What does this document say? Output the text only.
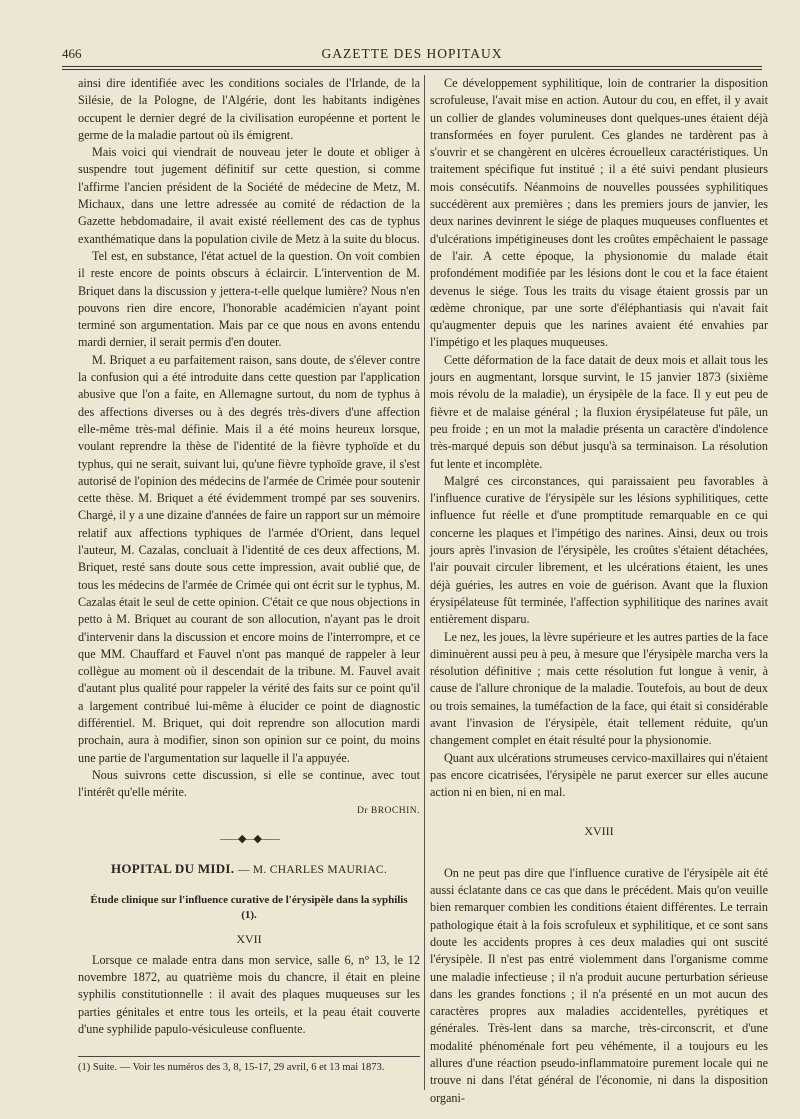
466	GAZETTE DES HOPITAUX

ainsi dire identifiée avec les conditions sociales de l'Irlande, de la Silésie, de la Pologne, de l'Algérie, dont les habitants indigènes occupent le dernier degré de la civilisation européenne et portent le germe de la maladie partout où ils émigrent.

Mais voici qui viendrait de nouveau jeter le doute et obliger à suspendre tout jugement définitif sur cette question, si comme l'affirme l'ancien président de la Société de médecine de Metz, M. Michaux, dans une lettre adressée au comité de rédaction de la Gazette hebdomadaire, il avait existé réellement des cas de typhus exanthématique dans la population civile de Metz à la suite du blocus.

Tel est, en substance, l'état actuel de la question. On voit combien il reste encore de points obscurs à éclaircir. L'intervention de M. Briquet dans la discussion y jettera-t-elle quelque lumière? Nous n'en pouvons rien dire encore, l'honorable académicien n'ayant point terminé son argumentation. Mais par ce que nous en avons entendu mardi dernier, il serait permis d'en douter.

M. Briquet a eu parfaitement raison, sans doute, de s'élever contre la confusion qui a été introduite dans cette question par l'application abusive que l'on a faite, en Allemagne surtout, du nom de typhus à des affections diverses ou à des degrés très-divers d'une affection elle-même très-mal définie. Mais il a été moins heureux lorsque, voulant reprendre la thèse de l'identité de la fièvre typhoïde et du typhus, qui ne serait, suivant lui, qu'une fièvre typhoïde grave, il s'est autorisé de l'opinion des médecins de l'armée de Crimée pour soutenir cette thèse. M. Briquet a été évidemment trompé par ses souvenirs. Chargé, il y a une dizaine d'années de faire un rapport sur un mémoire relatif aux affections typhiques de l'armée d'Orient, dans lequel l'auteur, M. Cazalas, concluait à l'identité de ces deux affections, M. Briquet, resté sans doute sous cette impression, avait oublié que, de tous les médecins de l'armée de Crimée qui ont écrit sur le typhus, M. Cazalas était le seul de cette opinion. C'était ce que nous objections in petto à M. Briquet au courant de son allocution, n'ayant pas le droit d'intervenir dans la discussion et encore moins de l'interrompre, et ce que MM. Chauffard et Fauvel n'ont pas manqué de rappeler à leur collègue au moment où il descendait de la tribune. M. Fauvel avait d'autant plus qualité pour rappeler la vérité des faits sur ce point qu'il a largement contribué lui-même à élucider ce point de diagnostic différentiel. M. Briquet, qui doit reprendre son allocution mardi prochain, aura à modifier, sinon son opinion sur ce point, du moins une partie de l'argumentation sur laquelle il l'a appuyée.

Nous suivrons cette discussion, si elle se continue, avec tout l'intérêt qu'elle mérite.

Dr BROCHIN.
——◆—◆——
HOPITAL DU MIDI. — M. CHARLES MAURIAC.
Étude clinique sur l'influence curative de l'érysipèle dans la syphilis (1).
XVII

Lorsque ce malade entra dans mon service, salle 6, n° 13, le 12 novembre 1872, au quatrième mois du chancre, il était en pleine syphilis constitutionnelle : il avait des plaques muqueuses sur les parties génitales et entre tous les orteils, et la peau était couverte d'une syphilide papulo-vésiculeuse confluente.

(1) Suite. — Voir les numéros des 3, 8, 15-17, 29 avril, 6 et 13 mai 1873.

Ce développement syphilitique, loin de contrarier la disposition scrofuleuse, l'avait mise en action. Autour du cou, en effet, il y avait un collier de glandes volumineuses dont quelques-unes étaient déjà transformées en foyer purulent. Ces glandes ne tardèrent pas à s'ouvrir et se changèrent en ulcères écrouelleux caractéristiques. Un traitement spécifique fut institué ; il a été suivi pendant plusieurs mois consécutifs. Néanmoins de nouvelles poussées syphilitiques succédèrent aux premières ; dans les premiers jours de janvier, les deux narines devinrent le siége de plaques muqueuses confluentes et d'ulcérations impétigineuses dont les croûtes empêchaient le passage de l'air. A cette époque, la physionomie du malade était profondément modifiée par les lésions dont le cou et la face étaient devenus le siége. Tous les traits du visage étaient grossis par un œdème chronique, par une sorte d'éléphantiasis qui n'avait fait qu'augmenter depuis que les narines avaient été envahies par l'impétigo et les plaques muqueuses.

Cette déformation de la face datait de deux mois et allait tous les jours en augmentant, lorsque survint, le 15 janvier 1873 (sixième mois révolu de la maladie), un érysipèle de la face. Il y eut peu de fièvre et de malaise général ; la fluxion érysipélateuse fut pâle, un peu froide ; en un mot la maladie présenta un caractère d'indolence très-marqué depuis son début jusqu'à sa terminaison. La résolution fut lente et incomplète.

Malgré ces circonstances, qui paraissaient peu favorables à l'influence curative de l'érysipèle sur les lésions syphilitiques, cette influence fut réelle et d'une promptitude remarquable en ce qui concerne les plaques et l'impétigo des narines. Ainsi, deux ou trois jours après l'invasion de l'érysipèle, les croûtes s'étaient détachées, l'air pouvait circuler librement, et les ulcérations étaient, les unes déjà guéries, les autres en voie de guérison. Avant que la fluxion érysipélateuse fût terminée, l'affection syphilitique des narines avait entièrement disparu.

Le nez, les joues, la lèvre supérieure et les autres parties de la face diminuèrent aussi peu à peu, à mesure que l'érysipèle marcha vers la résolution définitive ; mais cette résolution fut longue à venir, à cause de l'allure chronique de la maladie. Toutefois, au bout de deux ou trois semaines, la tuméfaction de la face, qui était si considérable avant l'invasion de l'érysipèle, était tellement réduite, qu'un changement complet en était résulté pour la physionomie.

Quant aux ulcérations strumeuses cervico-maxillaires qui n'étaient pas encore cicatrisées, l'érysipèle ne parut exercer sur elles aucune action ni en bien, ni en mal.

XVIII

On ne peut pas dire que l'influence curative de l'érysipèle ait été aussi éclatante dans ce cas que dans le précédent. Mais qu'on veuille bien remarquer combien les conditions étaient différentes. Le terrain pathologique était à la fois scrofuleux et syphilitique, et ce sont sans doute les accidents propres à ces deux maladies qui ont suscité l'érysipèle. Il n'est pas entré violemment dans l'organisme comme une maladie infectieuse ; il n'a produit aucune perturbation sérieuse dans les grandes fonctions ; il n'a présenté en un mot aucun des caractères propres aux maladies accidentelles, pyrétiques et générales. Très-lent dans sa marche, très-circonscrit, et d'une modalité phénoménale fort peu véhémente, il a toujours eu les allures d'une réaction pseudo-inflammatoire purement locale qui ne trouve ni dans l'état général de l'économie, ni dans la disposition organi-
